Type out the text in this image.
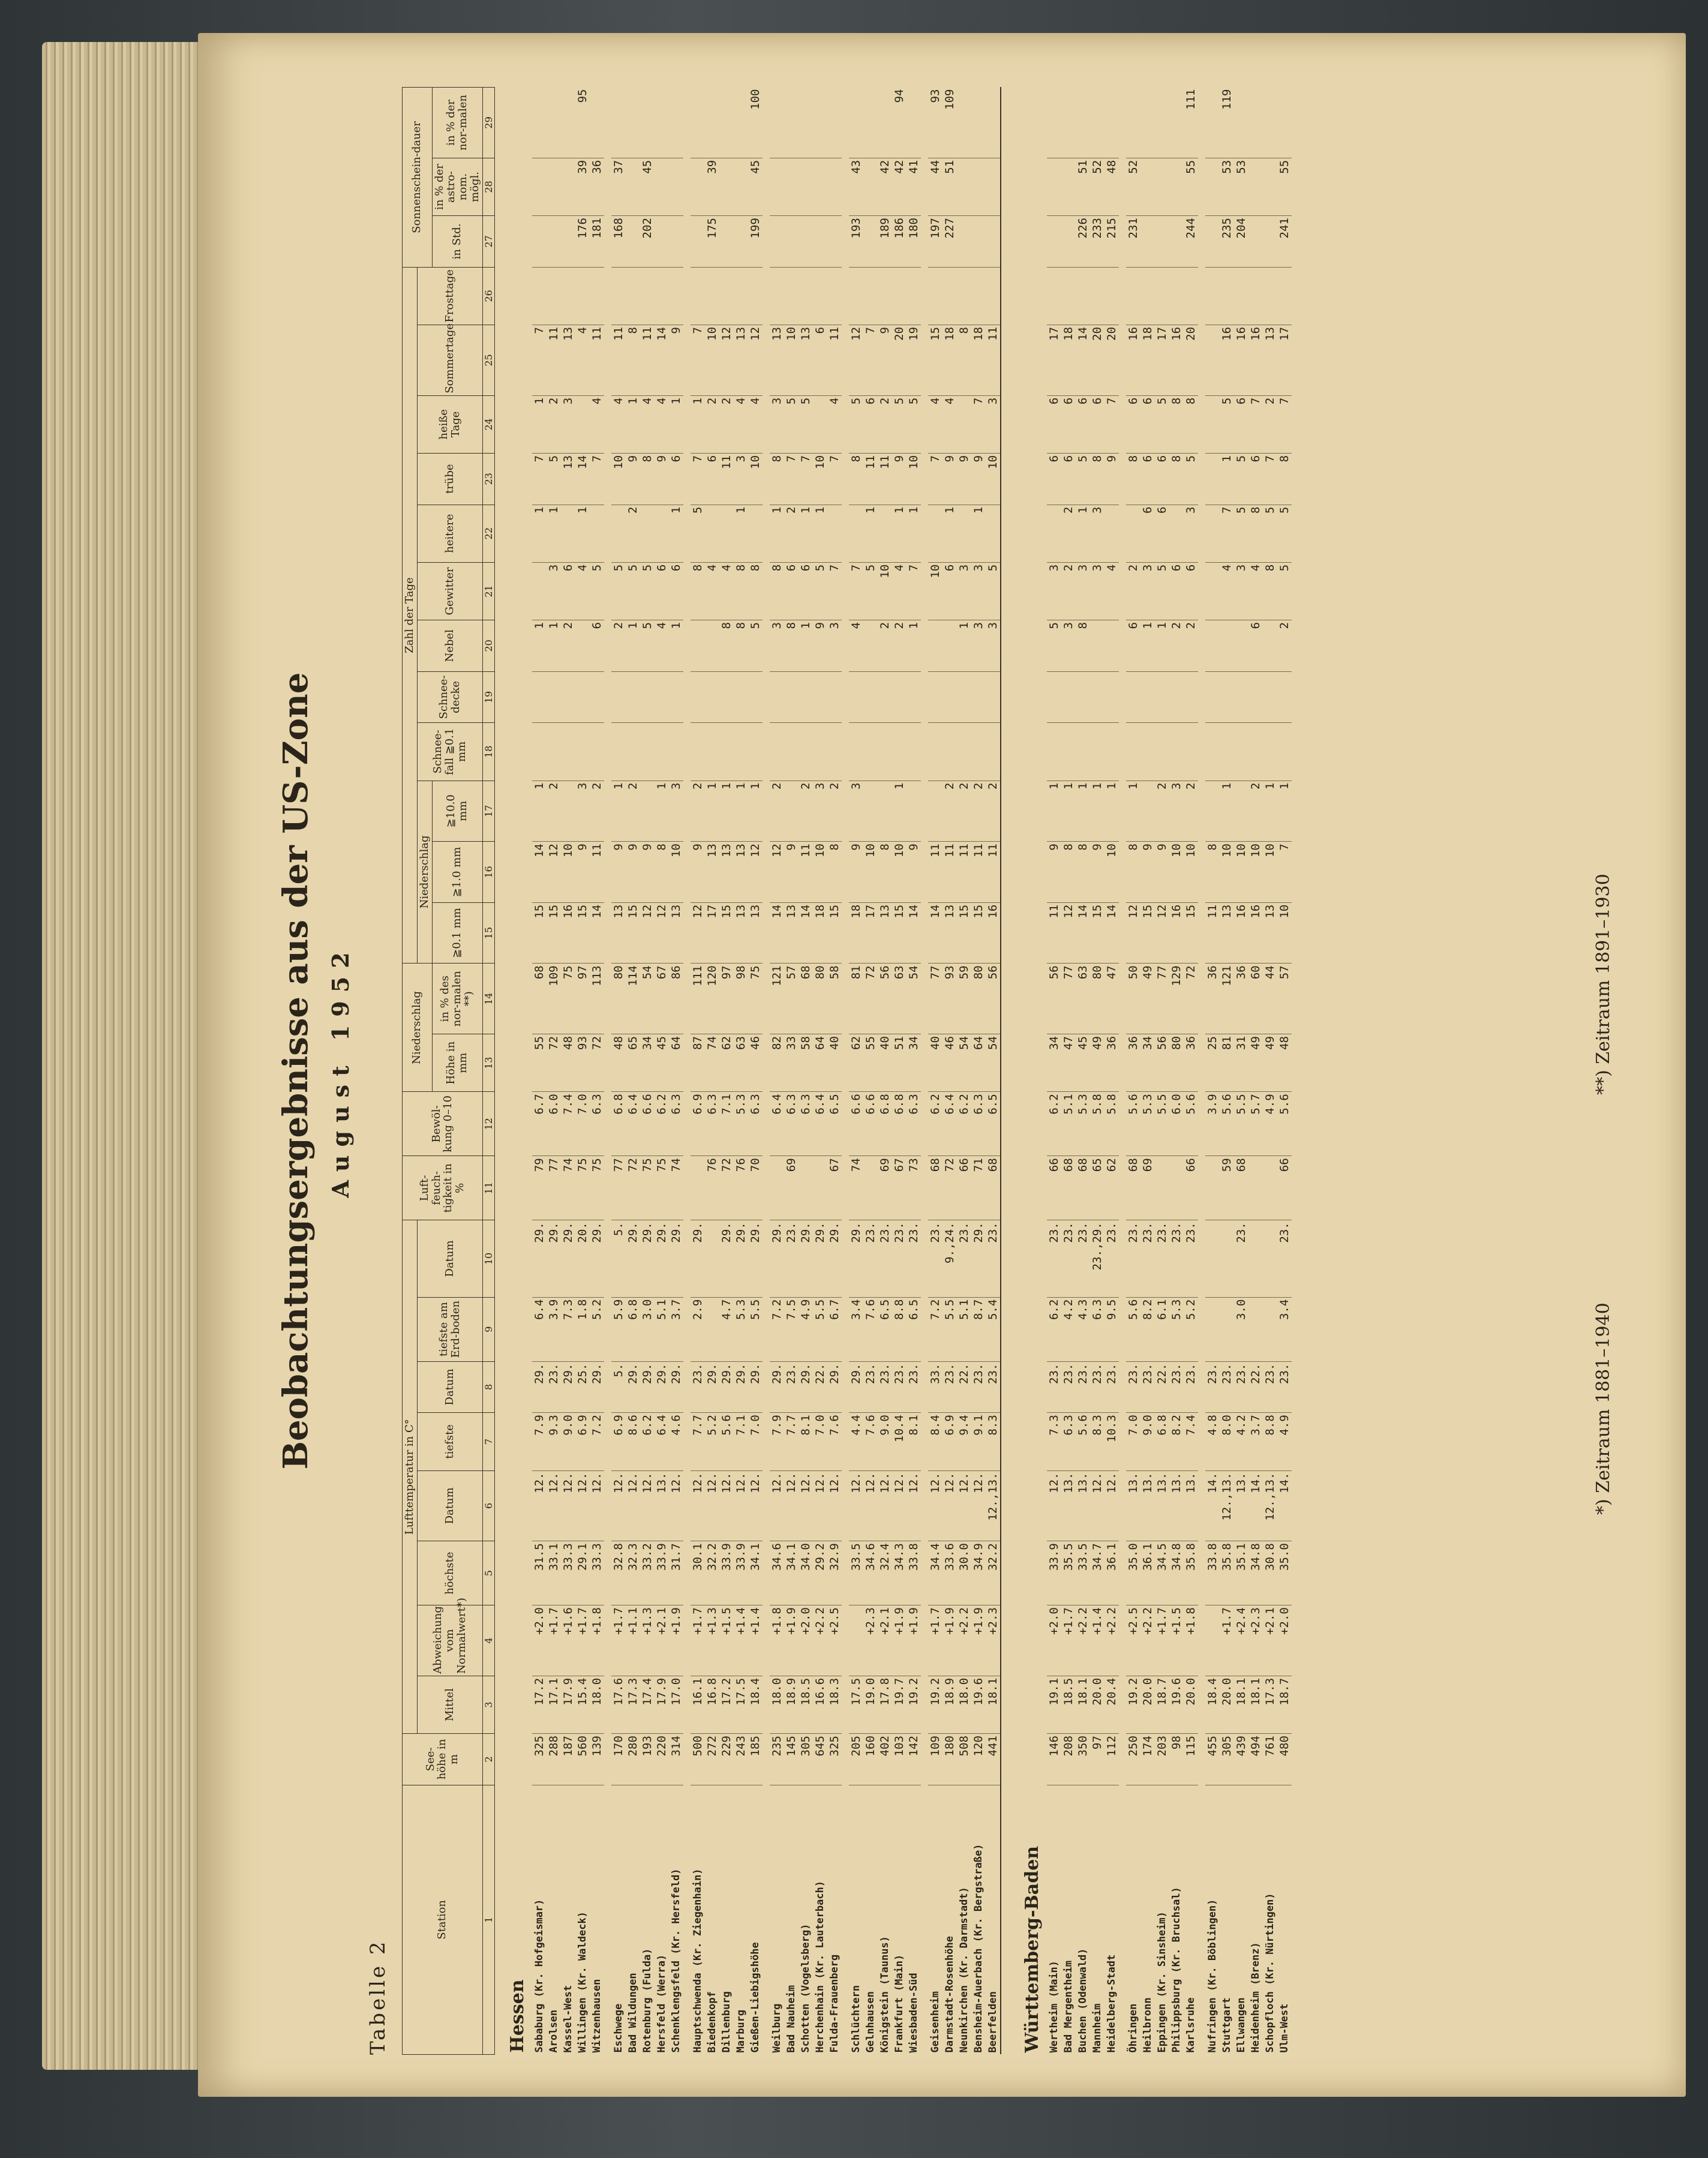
Tabelle 2
Beobachtungsergebnisse aus der US-Zone August 1952
Station	See-höhe in m	Lufttemperatur in C°								Luft-feuch-tigkeit in %	Bewöl-kung 0–10	Niederschlag		Zahl der Tage												Sonnenschein-dauer		
		Mittel	Abweichung vom Normalwert*)	höchste	Datum	tiefste	Datum	tiefste am Erd-boden	Datum					Niederschlag			Schnee-fall ≧0.1 mm	Schnee-decke	Nebel	Gewitter	heitere	trübe	heiße Tage	Sommertage	Frosttage			
												Höhe in mm	in % des nor-malen **)	≧0.1 mm	≧1.0 mm	≧10.0 mm										in Std.	in % der astro-nom. mögl.	in % der nor-malen
1	2	3	4	5	6	7	8	9	10	11	12	13	14	15	16	17	18	19	20	21	22	23	24	25	26	27	28	29
Hessen																												
Sababurg (Kr. Hofgeismar)	325	17.2	+2.0	31.5	12.	7.9	29.	6.4	29.	79	6.7	55	68	15	14	1			1		1	7	1	7				
Arolsen	288	17.1	+1.7	33.1	12.	9.3	23.	3.9	29.	77	6.0	72	109	15	12	2			1	3	1	5	2	11				
Kassel-West	187	17.9	+1.6	33.3	12.	9.0	29.	7.3	29.	74	7.4	48	75	16	10				2	6		13	3	13				
Willingen (Kr. Waldeck)	560	15.4	+1.7	29.1	12.	6.9	25.	1.8	20.	75	7.0	93	97	15	9	3				4	1	14		4		176	39	95
Witzenhausen	139	18.0	+1.8	33.3	12.	7.2	29.	5.2	29.	75	6.3	72	113	14	11	2			6	5		7	4	11		181	36	

Eschwege	170	17.6	+1.7	32.8	12.	6.9	5.	5.9	5.	77	6.8	48	80	13	9	1			2	5		10	4	11		168	37	
Bad Wildungen	280	17.3	+1.1	32.3	12.	8.6	29.	6.8	29.	72	6.4	65	114	15	9	2			1	5	2	9	1	8				
Rotenburg (Fulda)	193	17.4	+1.3	33.2	12.	6.2	29.	3.0	29.	75	6.6	34	54	12	9				5	5		8	4	11		202	45	
Hersfeld (Werra)	220	17.9	+2.1	33.9	13.	6.4	29.	5.1	29.	75	6.2	45	67	12	8	1			4	6		9	4	14				
Schenklengsfeld (Kr. Hersfeld)	314	17.0	+1.9	31.7	12.	4.6	29.	3.7	29.	74	6.3	64	86	13	10	3			1	6	1	6	1	9				

Hauptschwenda (Kr. Ziegenhain)	500	16.1	+1.7	30.1	12.	7.7	23.	2.9	29.		6.9	87	111	12	9	2				8	5	7	1	7				
Biedenkopf	272	16.8	+1.3	32.2	12.	5.2	29.			76	6.3	74	120	17	13	1				4		6	2	10		175	39	
Dillenburg	229	17.2	+1.5	33.9	12.	5.6	29.	4.7	29.	72	7.1	62	97	15	13	1			8	4		11	2	12				
Marburg	243	17.5	+1.4	33.9	12.	7.1	29.	5.3	29.	76	5.3	63	98	13	13	1			8	8	1	3	4	13				
Gießen-Liebigshöhe	185	18.4	+1.4	34.1	12.	7.0	29.	5.5	29.	70	6.3	46	75	13	12	1			5	8		10	4	12		199	45	100

Weilburg	235	18.0	+1.8	34.6	12.	7.9	29.	7.2	29.		6.4	82	121	14	12	2			3	8	1	8	3	13				
Bad Nauheim	145	18.9	+1.9	34.1	12.	7.7	23.	7.5	23.	69	6.3	33	57	13	9				8	6	2	7	5	10				
Schotten (Vogelsberg)	305	18.5	+2.0	34.0	12.	8.1	29.	4.9	29.		6.3	58	68	14	11	2			1	6	1	7	5	13				
Herchenhain (Kr. Lauterbach)	645	16.6	+2.2	29.2	12.	7.0	22.	5.5	29.		6.4	64	80	18	10	3			9	5	1	10		6				
Fulda-Frauenberg	325	18.3	+2.5	32.9	12.	7.6	29.	6.7	29.	67	6.5	40	58	15	8	2			3	7		7	4	11				

Schlüchtern	205	17.5		33.5	12.	4.4	29.	3.4	29.	74	6.6	62	81	18	9	3			4	7		8	5	12		193	43	
Gelnhausen	160	19.0	+2.3	34.6	12.	7.6	23.	7.6	23.		6.6	55	72	17	10					5	1	11	6	7				
Königstein (Taunus)	402	17.8	+2.1	32.4	12.	9.0	23.	6.5	23.	69	6.8	40	56	13	8				2	10		11	2	9		189	42	
Frankfurt (Main)	103	19.7	+1.9	34.3	12.	10.4	23.	8.8	23.	67	6.8	51	63	15	10	1			2	4	1	9	5	20		186	42	94
Wiesbaden-Süd	142	19.2	+1.9	33.8	12.	8.1	23.	6.5	23.	73	6.3	34	54	14	9				1	7	1	10	5	19		180	41	

Geisenheim	109	19.2	+1.7	34.4	12.	8.4	33.	7.2	23.	68	6.2	40	77	14	11					10		7	4	15		197	44	93
Darmstadt-Rosenhöhe	180	18.9	+1.9	33.6	12.	6.9	23.	5.5	9.,24.	72	6.4	46	93	13	11	2				6	1	9	4	18		227	51	109
Neunkirchen (Kr. Darmstadt)	508	18.0	+2.2	30.0	12.	9.4	22.	5.1	23.	66	6.2	54	59	15	11	2			1	3		9		8				
Bensheim-Auerbach (Kr. Bergstraße)	120	19.6	+1.9	34.9	12.	9.1	23.	8.7	29.	71	6.3	64	80	15	11	2			3	3	1	9	7	18				
Beerfelden	441	18.1	+2.3	32.2	12.,13.	8.3	23.	5.4	23.	68	6.5	54	56	16	11	2			3	5		10	3	11				

Württemberg-Baden																												
Wertheim (Main)	146	19.1	+2.0	33.9	12.	7.3	23.	6.2	23.	66	6.2	34	56	11	9	1			5	3		6	6	17				
Bad Mergentheim	208	18.5	+1.7	35.5	13.	6.3	23.	4.2	23.	68	5.1	47	77	12	8	1			3	2	2	6	6	18				
Buchen (Odenwald)	350	18.1	+2.2	33.5	13.	5.6	23.	4.3	23.	68	5.3	45	63	14	8	1			8	3	1	5	6	14		226	51	
Mannheim	97	20.0	+1.4	34.7	12.	8.3	23.	6.3	23.,29.	65	5.8	49	80	15	9	1				3	3	8	6	20		233	52	
Heidelberg-Stadt	112	20.4	+2.2	36.1	12.	10.3	23.	9.5	23.	62	5.8	36	47	14	10	1				4		9	7	20		215	48	

Öhringen	250	19.2	+2.5	35.0	13.	7.0	23.	5.6	23.	68	5.6	36	50	12	8	1			6	2		8	6	16		231	52	
Heilbronn	174	20.0	+2.2	36.1	13.	9.0	23.	8.2	23.	69	5.3	34	49	15	9				1	3	6	6	6	18				
Eppingen (Kr. Sinsheim)	203	18.7	+1.7	34.5	13.	6.8	22.	6.1	23.		5.5	56	77	12	9	2			1	5	6	6	5	17				
Philippsburg (Kr. Bruchsal)	98	19.6	+1.5	34.8	13.	8.2	23.	5.3	23.		6.0	80	129	16	10	3			2	6		8	8	16				
Karlsruhe	115	20.0	+1.8	35.8	13.	7.4	23.	5.2	23.	66	5.6	36	72	15	10	2			2	6	3	5	8	20		244	55	111

Nufringen (Kr. Böblingen)	455	18.4		33.8	14.	4.8	23.				3.9	25	36	11	8													
Stuttgart	305	20.0	+1.7	35.8	12.,13.	8.0	23.			59	5.6	81	121	13	10	1				4	7	1	5	16		235	53	119
Ellwangen	439	18.1	+2.4	35.1	13.	4.2	23.	3.0	23.	68	5.5	31	36	16	10					3	5	5	6	16		204	53	
Heidenheim (Brenz)	494	18.1	+2.3	34.8	14.	3.7	22.				5.7	49	60	16	10	2			6	4	8	6	7	16				
Schopfloch (Kr. Nürtingen)	761	17.3	+2.1	30.8	12.,13.	8.8	23.				4.9	49	44	13	10	1				8	5	7	2	13				
Ulm-West	480	18.7	+2.0	35.0	14.	4.9	23.	3.4	23.	66	5.6	48	57	10	7	1			2	5	5	8	7	17		241	55	
*) Zeitraum 1881–1940
**) Zeitraum 1891–1930
